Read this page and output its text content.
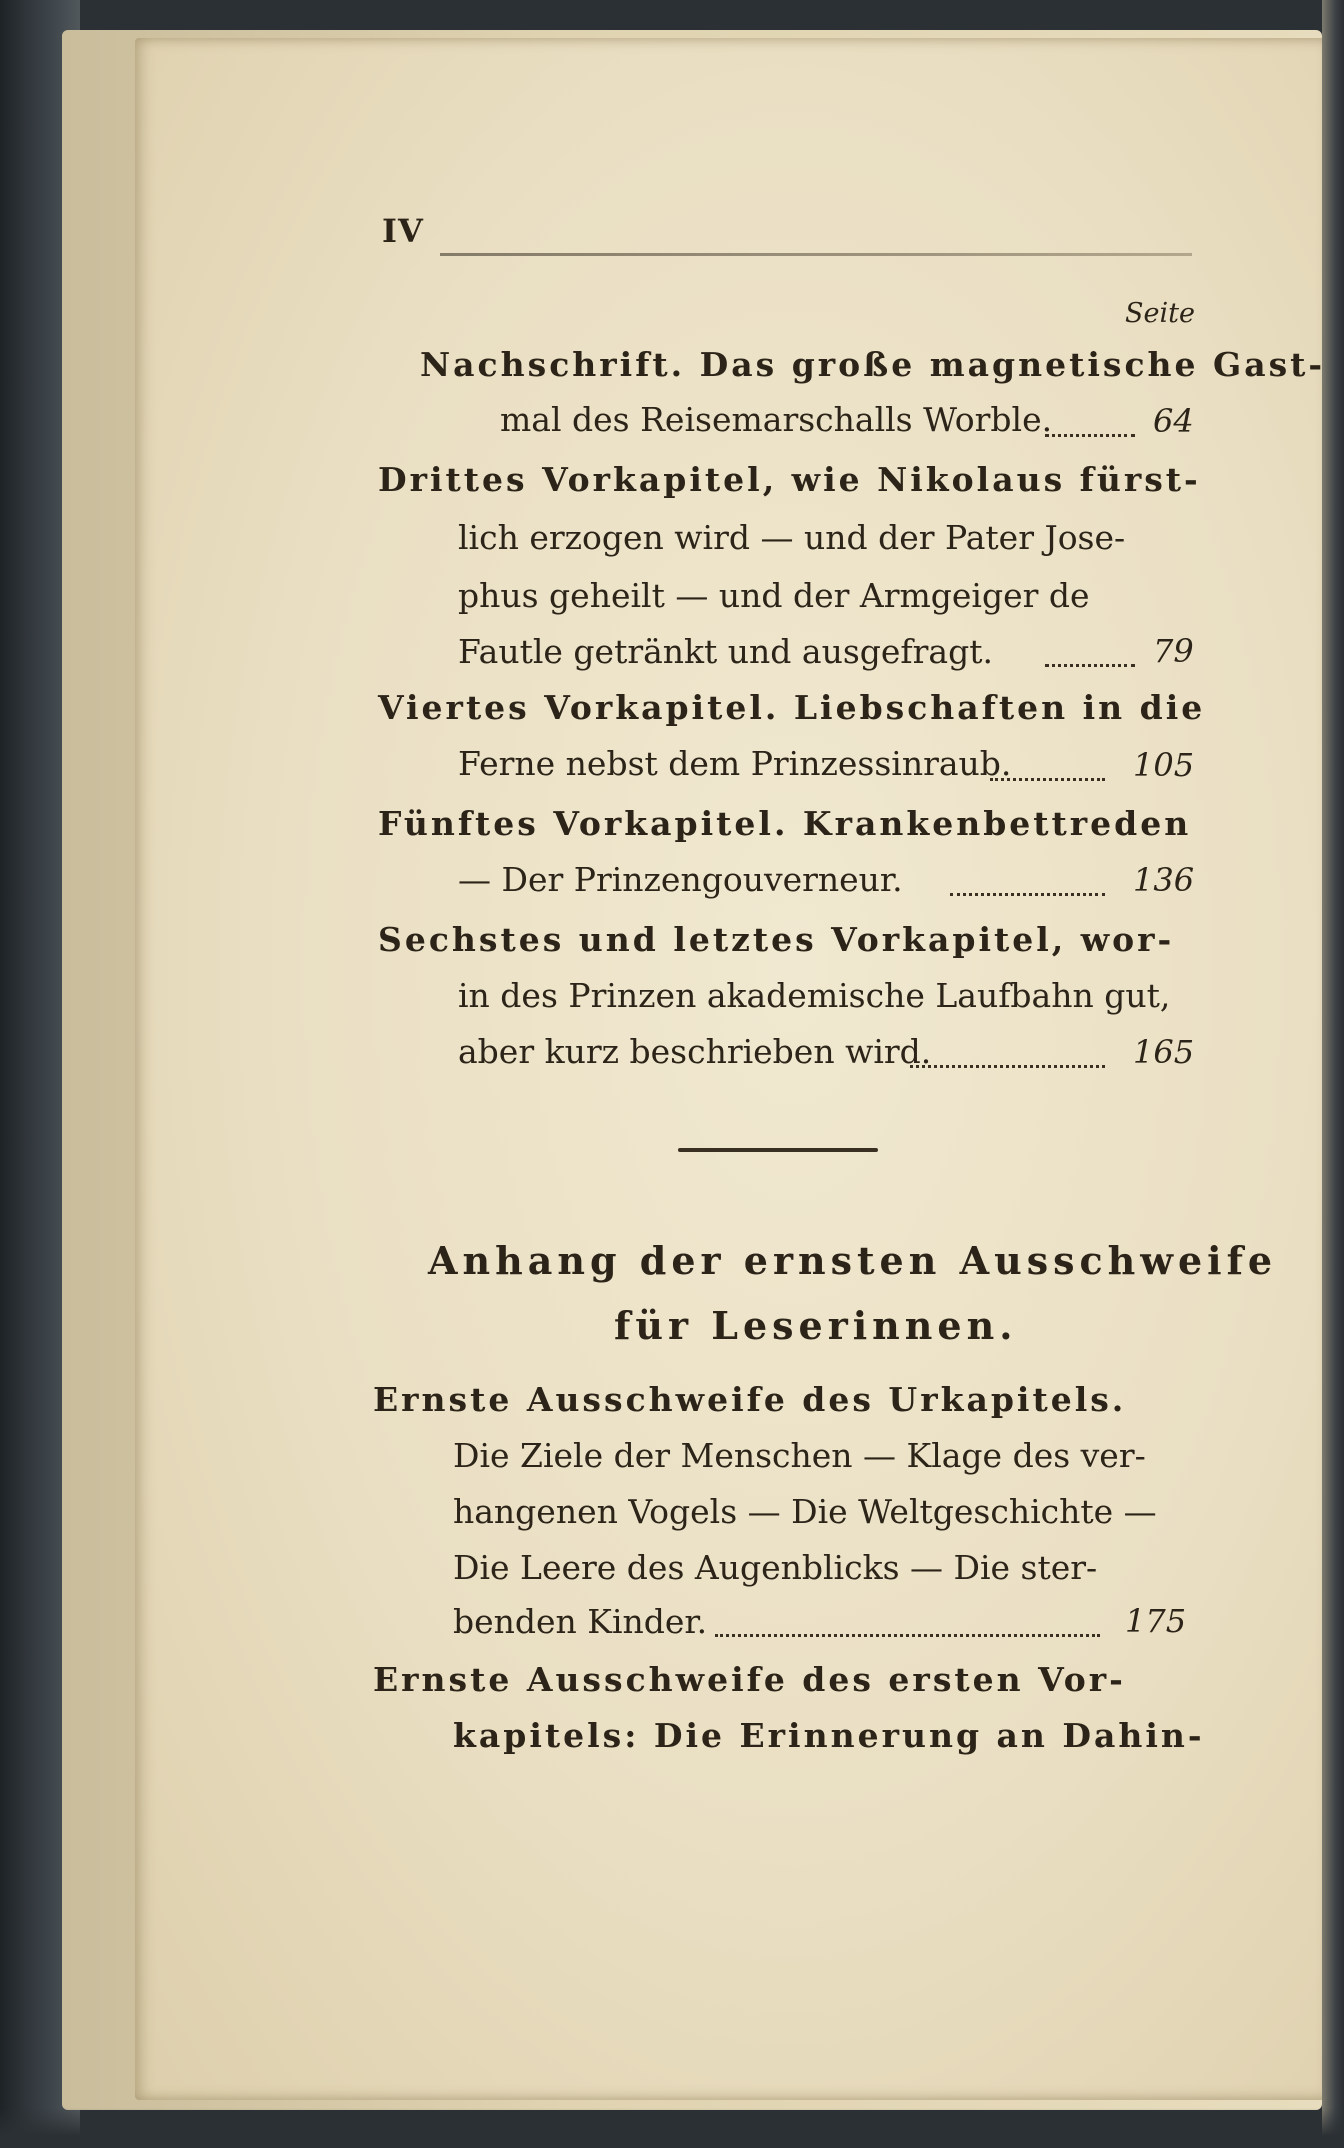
IV
Seite
Nachschrift. Das große magnetische Gast-
mal des Reisemarschalls Worble.	64
Drittes Vorkapitel, wie Nikolaus fürst-
lich erzogen wird — und der Pater Jose-
phus geheilt — und der Armgeiger de
Fautle getränkt und ausgefragt.	79
Viertes Vorkapitel. Liebschaften in die
Ferne nebst dem Prinzessinraub.	105
Fünftes Vorkapitel. Krankenbettreden
— Der Prinzengouverneur.	136
Sechstes und letztes Vorkapitel, wor-
in des Prinzen akademische Laufbahn gut,
aber kurz beschrieben wird.	165
Anhang der ernsten Ausschweife
für Leserinnen.
Ernste Ausschweife des Urkapitels.
Die Ziele der Menschen — Klage des ver-
hangenen Vogels — Die Weltgeschichte —
Die Leere des Augenblicks — Die ster-
benden Kinder.	175
Ernste Ausschweife des ersten Vor-
kapitels: Die Erinnerung an Dahin-
